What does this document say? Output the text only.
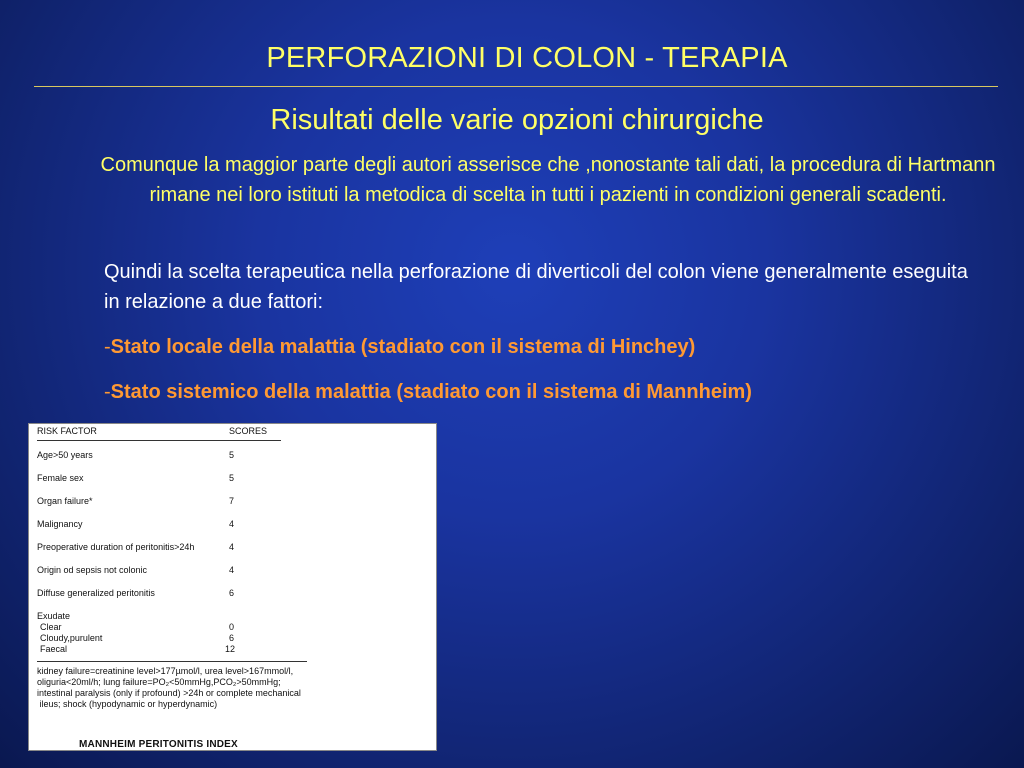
PERFORAZIONI DI COLON - TERAPIA
Risultati delle varie opzioni chirurgiche
Comunque la maggior parte degli autori asserisce che ,nonostante tali dati, la procedura di Hartmann rimane nei loro istituti la metodica di scelta in tutti i pazienti in condizioni generali scadenti.
Quindi la scelta terapeutica nella perforazione di diverticoli del colon viene generalmente eseguita in relazione a due fattori:
-Stato locale della malattia (stadiato con il sistema di Hinchey)
-Stato sistemico della malattia (stadiato con il sistema di Mannheim)
RISK FACTOR	SCORES
Age>50 years	5
Female sex	5
Organ failure*	7
Malignancy	4
Preoperative duration of peritonitis>24h	4
Origin od sepsis not colonic	4
Diffuse generalized peritonitis	6
Exudate
Clear	0
Cloudy,purulent	6
Faecal	12
kidney failure=creatinine level>177µmol/l, urea level>167mmol/l,
oliguria<20ml/h; lung failure=PO₂<50mmHg,PCO₂>50mmHg;
intestinal paralysis (only if profound) >24h or complete mechanical
ileus; shock (hypodynamic or hyperdynamic)
MANNHEIM PERITONITIS INDEX
